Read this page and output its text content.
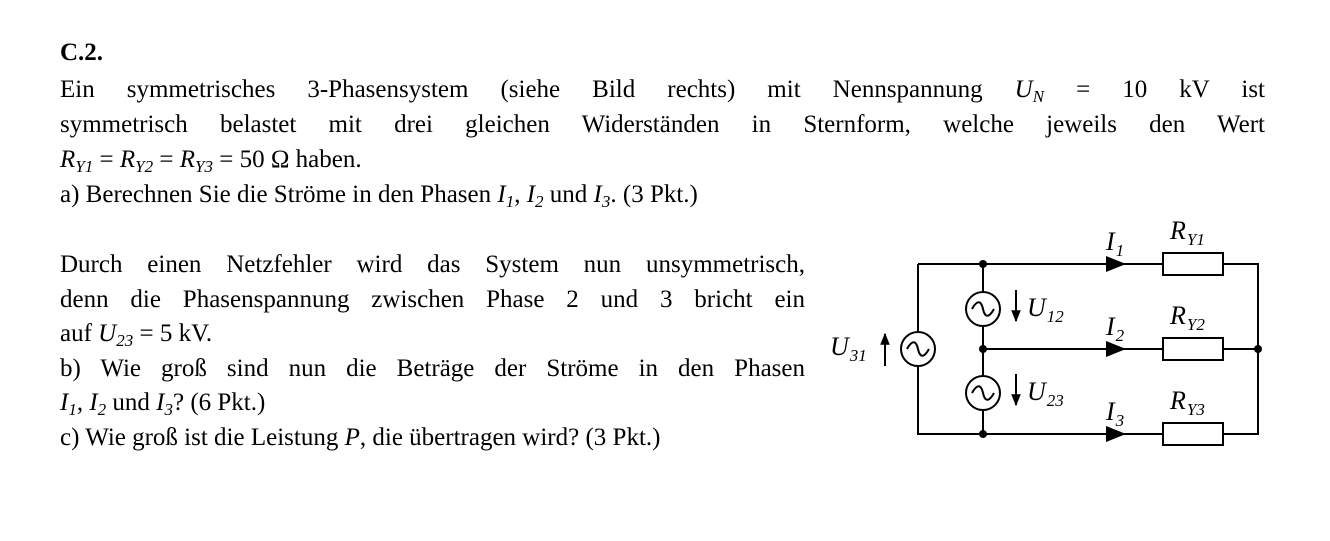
C.2.
Ein symmetrisches 3-Phasensystem (siehe Bild rechts) mit Nennspannung $U_N = 10$ kV ist
symmetrisch belastet mit drei gleichen Widerständen in Sternform, welche jeweils den Wert
$R_{Y1} = R_{Y2} = R_{Y3} = 50$ Ω haben.
a) Berechnen Sie die Ströme in den Phasen $I_1$, $I_2$ und $I_3$. (3 Pkt.)
Durch einen Netzfehler wird das System nun unsymmetrisch,
denn die Phasenspannung zwischen Phase 2 und 3 bricht ein
auf $U_{23} = 5$ kV.
b) Wie groß sind nun die Beträge der Ströme in den Phasen
$I_1$, $I_2$ und $I_3$? (6 Pkt.)
c) Wie groß ist die Leistung P, die übertragen wird? (3 Pkt.)
$I_1$
$I_2$
$I_3$
$R_{Y1}$
$R_{Y2}$
$R_{Y3}$
$U_{12}$
$U_{23}$
$U_{31}$
